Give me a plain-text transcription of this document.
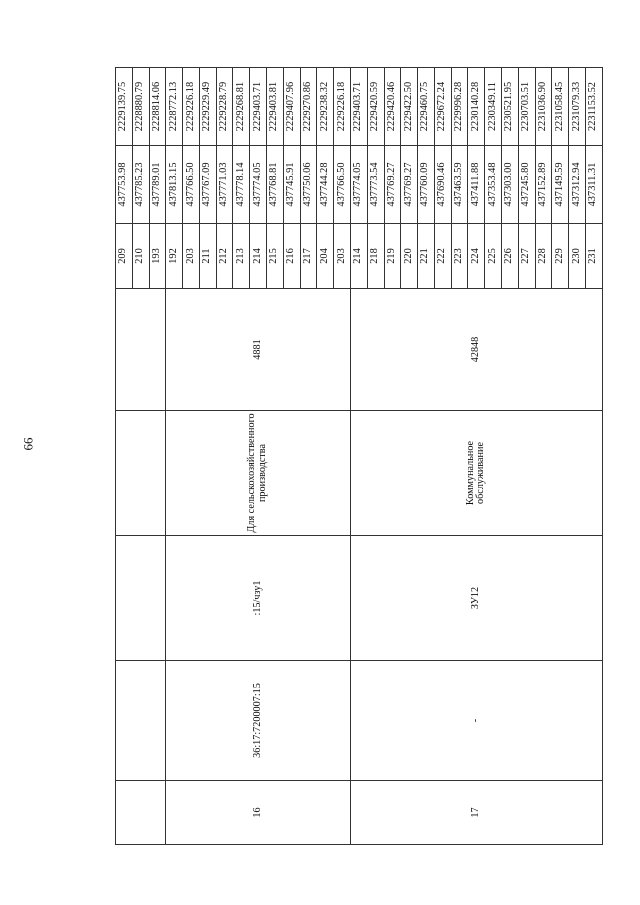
66
					209	437753.98	2229139.75
					210	437785.23	2228880.79
					193	437789.01	2228814.06
16	36:17:7200007:15	:15/чзу1	Для сельскохозяйственного производства	4881	192	437813.15	2228772.13
					203	437766.50	2229226.18
					211	437767.09	2229229.49
					212	437771.03	2229228.79
					213	437778.14	2229268.81
					214	437774.05	2229403.71
					215	437768.81	2229403.81
					216	437745.91	2229407.96
					217	437750.06	2229270.86
					204	437744.28	2229238.32
					203	437766.50	2229226.18
17	-	ЗУ12	Коммунальное обслуживание	42848	214	437774.05	2229403.71
					218	437773.54	2229420.59
					219	437769.27	2229420.46
					220	437769.27	2229422.50
					221	437760.09	2229460.75
					222	437690.46	2229672.24
					223	437463.59	2229996.28
					224	437411.88	2230140.28
					225	437353.48	2230349.11
					226	437303.00	2230521.95
					227	437245.80	2230703.51
					228	437152.89	2231036.90
					229	437149.59	2231058.45
					230	437312.94	2231079.33
					231	437311.31	2231153.52
